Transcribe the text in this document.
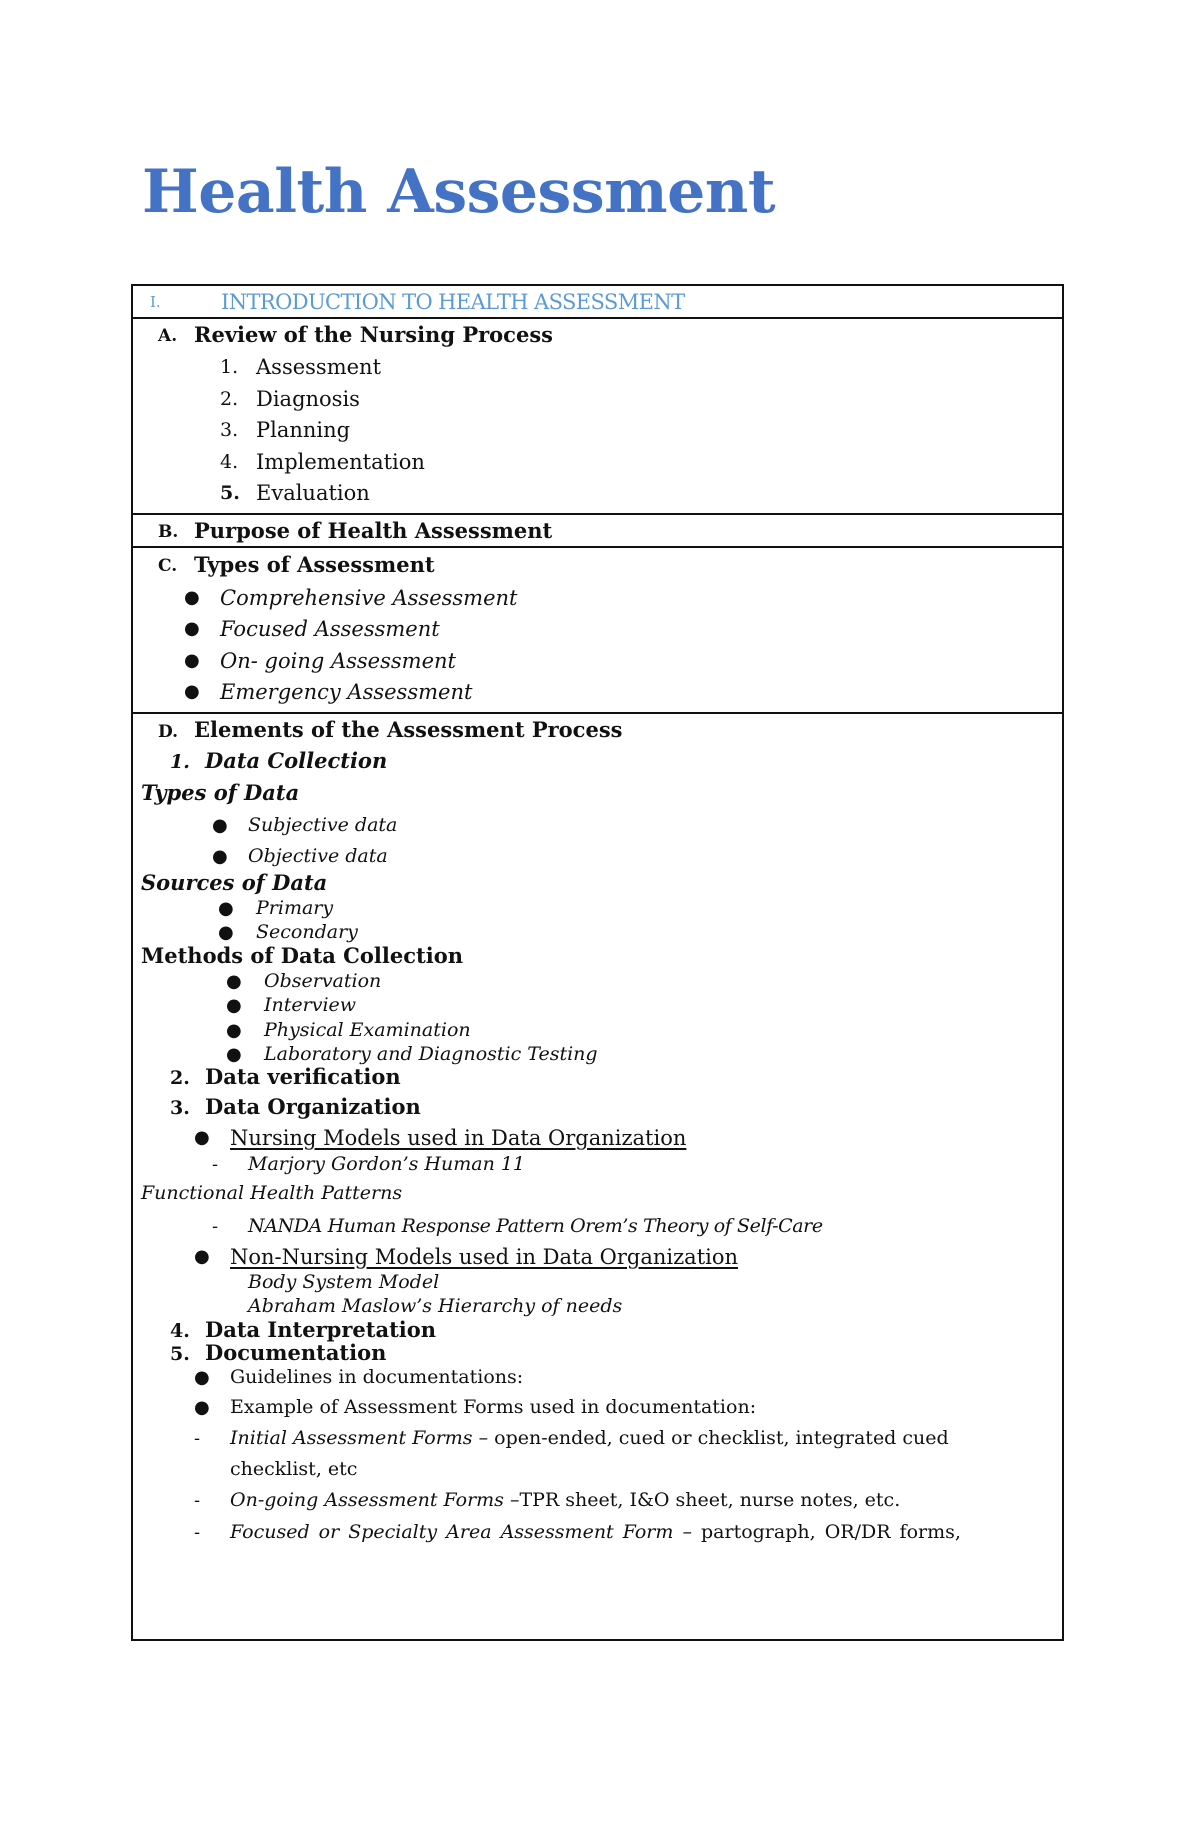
Health Assessment
I.	INTRODUCTION TO HEALTH ASSESSMENT
A. Review of the Nursing Process
1. Assessment
2. Diagnosis
3. Planning
4. Implementation
5. Evaluation
B. Purpose of Health Assessment
C. Types of Assessment
● Comprehensive Assessment
● Focused Assessment
● On- going Assessment
● Emergency Assessment
D. Elements of the Assessment Process
1. Data Collection
Types of Data
● Subjective data
● Objective data
Sources of Data
● Primary
● Secondary
Methods of Data Collection
● Observation
● Interview
● Physical Examination
● Laboratory and Diagnostic Testing
2. Data verification
3. Data Organization
● Nursing Models used in Data Organization
- Marjory Gordon’s Human 11
Functional Health Patterns
- NANDA Human Response Pattern Orem’s Theory of Self-Care
● Non-Nursing Models used in Data Organization
Body System Model
Abraham Maslow’s Hierarchy of needs
4. Data Interpretation
5. Documentation
● Guidelines in documentations:
● Example of Assessment Forms used in documentation:
- Initial Assessment Forms – open-ended, cued or checklist, integrated cued
checklist, etc
- On-going Assessment Forms –TPR sheet, I&O sheet, nurse notes, etc.
- Focused or Specialty Area Assessment Form – partograph, OR/DR forms,
